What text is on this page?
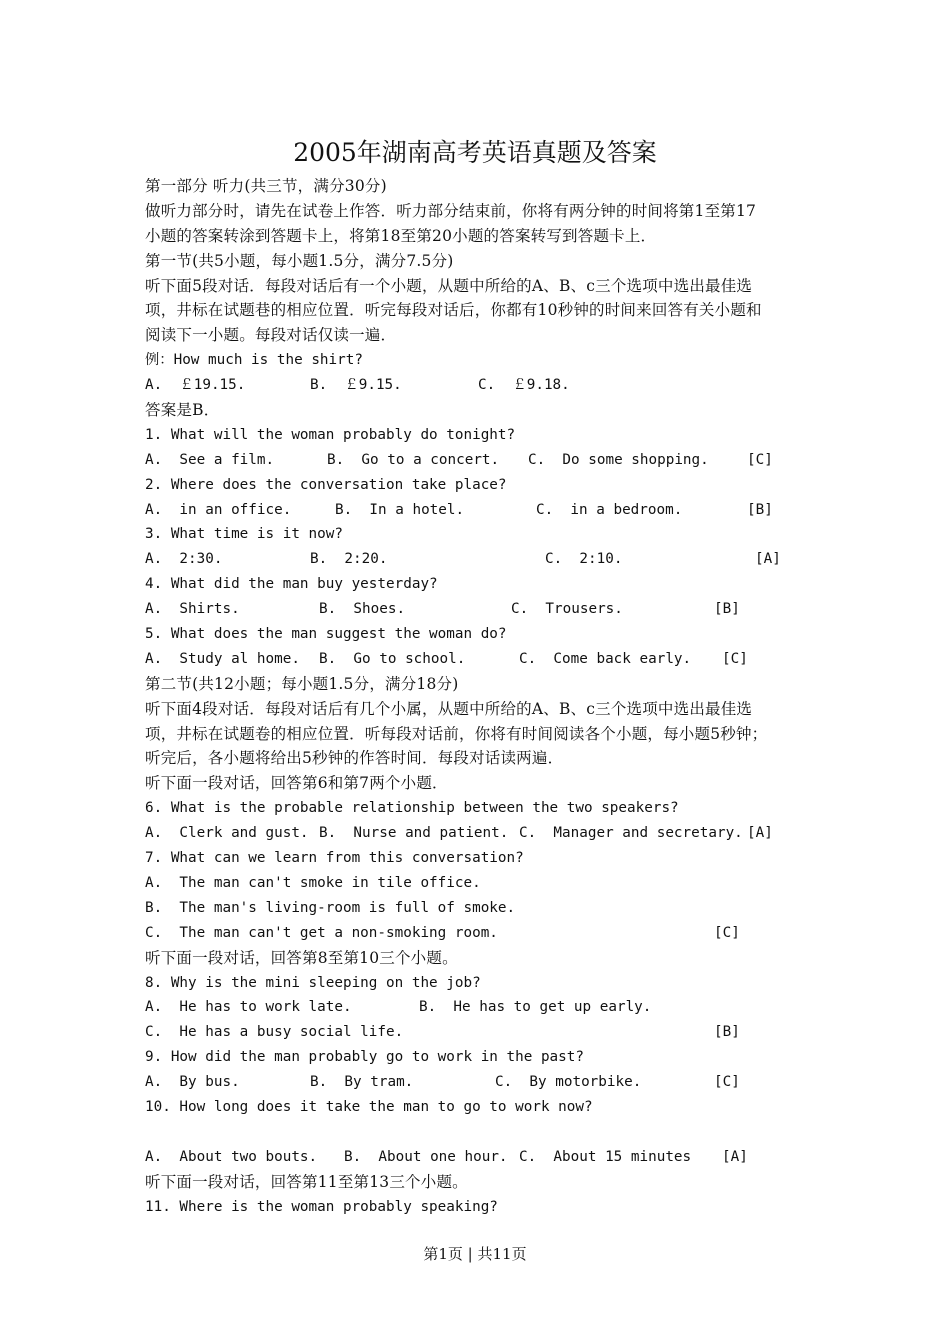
2005年湖南高考英语真题及答案
第一部分 听力(共三节，满分30分)
做听力部分时，请先在试卷上作答．听力部分结束前，你将有两分钟的时间将第1至第17
小题的答案转涂到答题卡上，将第18至第20小题的答案转写到答题卡上．
第一节(共5小题，每小题1.5分，满分7.5分)
听下面5段对话．每段对话后有一个小题，从题中所给的A、B、c三个选项中选出最佳选
项，井标在试题巷的相应位置．听完每段对话后，你都有10秒钟的时间来回答有关小题和
阅读下一小题。每段对话仅读一遍．
例：How much is the shirt?
A.  ￡19.15.	B.  ￡9.15.	C.  ￡9.18.
答案是B．
1. What will the woman probably do tonight?
A.  See a film.	B.  Go to a concert. C.  Do some shopping.	[C]
2. Where does the conversation take place?
A.  in an office.	B.  In a hotel.	C.  in a bedroom.	[B]
3. What time is it now?
A.  2:30.	B.  2:20.	C.  2:10.	[A]
4. What did the man buy yesterday?
A.  Shirts.	B.  Shoes.	C.  Trousers.	[B]
5. What does the man suggest the woman do?
A.  Study al home. B.  Go to school.	C.  Come back early. [C]
第二节(共12小题；每小题1.5分，满分18分)
听下面4段对话．每段对话后有几个小属，从题中所给的A、B、c三个选项中选出最佳选
项，井标在试题卷的相应位置．听每段对话前，你将有时间阅读各个小题，每小题5秒钟；
听完后，各小题将给出5秒钟的作答时间．每段对话读两遍．
听下面一段对话，回答第6和第7两个小题．
6. What is the probable relationship between the two speakers?
A.  Clerk and gust. B.  Nurse and patient. C.  Manager and secretary. [A]
7. What can we learn from this conversation?
A.  The man can't smoke in tile office.
B.  The man's living-room is full of smoke.
C.  The man can't get a non-smoking room.	[C]
听下面一段对话，回答第8至第10三个小题。
8. Why is the mini sleeping on the job?
A.  He has to work late.	B.  He has to get up early.
C.  He has a busy social life.	[B]
9. How did the man probably go to work in the past?
A.  By bus.	B.  By tram.	C.  By motorbike.	[C]
10. How long does it take the man to go to work now?
A.  About two bouts. B.  About one hour. C.  About 15 minutes [A]
听下面一段对话，回答第11至第13三个小题。
11. Where is the woman probably speaking?
第1页 | 共11页
